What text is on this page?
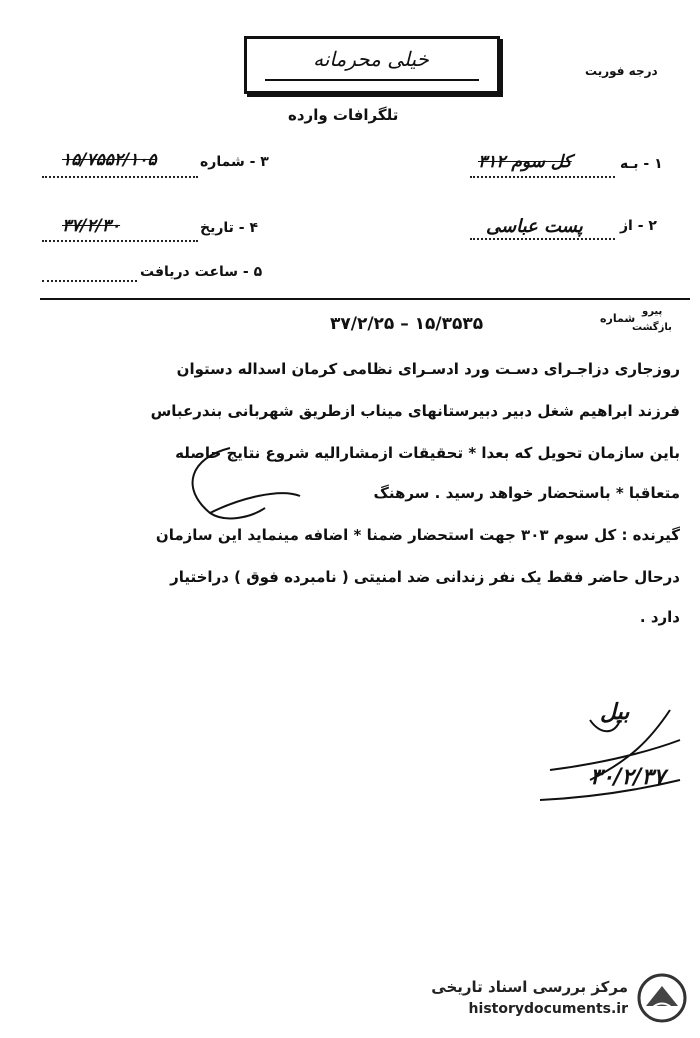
خیلی محرمانه	درجه فوریت
تلگرافات وارده
۱ - بـه
کل سوم ۳۱۲
۳ - شماره
۱۵/۷۵۵۲/۱۰۵
۲ - از
پست عباسی
۴ - تاریخ
۳۷/۲/۳۰
۵ - ساعت دریافت
پیرو
شماره
بازگشت
۳۷/۲/۲۵ – ۱۵/۳۵۳۵
روزجاری دزاجـرای دسـت ورد ادسـرای نظامی کرمان اسداله دستوان
فرزند ابراهیم شغل دبیر دبیرستانهای میناب ازطریق شهربانی بندرعباس
باین سازمان تحویل که بعدا * تحقیقات ازمشارالیه شروع نتایج حاصله
متعاقبا * باستحضار خواهد رسید . سرهنگ
گیرنده : کل سوم ۳۰۳ جهت استحضار ضمنا * اضافه مینماید این سازمان
درحال حاضر فقط یک نفر زندانی ضد امنیتی ( نامبرده فوق ) دراختیار
دارد .
بیل
۳۰/۲/۳۷
مرکز بررسی اسناد تاریخی
historydocuments.ir
